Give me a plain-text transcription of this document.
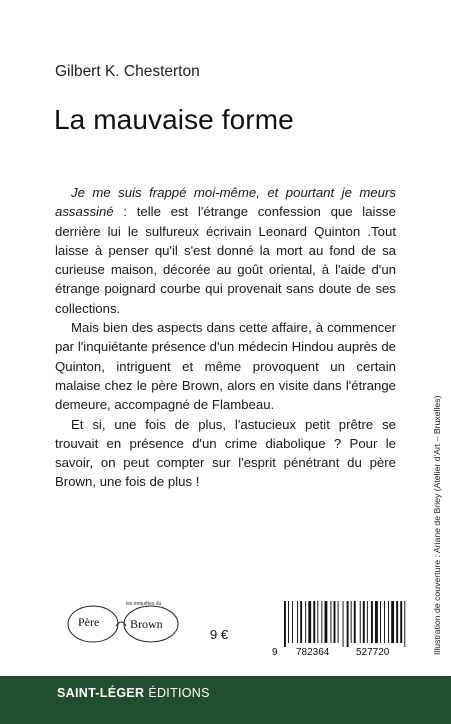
Gilbert K. Chesterton
La mauvaise forme

Je me suis frappé moi-même, et pourtant je meurs assassiné : telle est l'étrange confession que laisse derrière lui le sulfureux écrivain Leonard Quinton .Tout laisse à penser qu'il s'est donné la mort au fond de sa curieuse maison, décorée au goût oriental, à l'aide d'un étrange poignard courbe qui provenait sans doute de ses collections.

Mais bien des aspects dans cette affaire, à commencer par l'inquiétante présence d'un médecin Hindou auprès de Quinton, intriguent et même provoquent un certain malaise chez le père Brown, alors en visite dans l'étrange demeure, accompagné de Flambeau.

Et si, une fois de plus, l'astucieux petit prêtre se trouvait en présence d'un crime diabolique ? Pour le savoir, on peut compter sur l'esprit pénétrant du père Brown, une fois de plus !	Illustration de couverture : Ariane de Briey (Atelier d'Art – Bruxelles)
Père	Brown
les enquêtes du
9 €
9 782364	527720
SAINT-LÉGER ÉDITIONS
